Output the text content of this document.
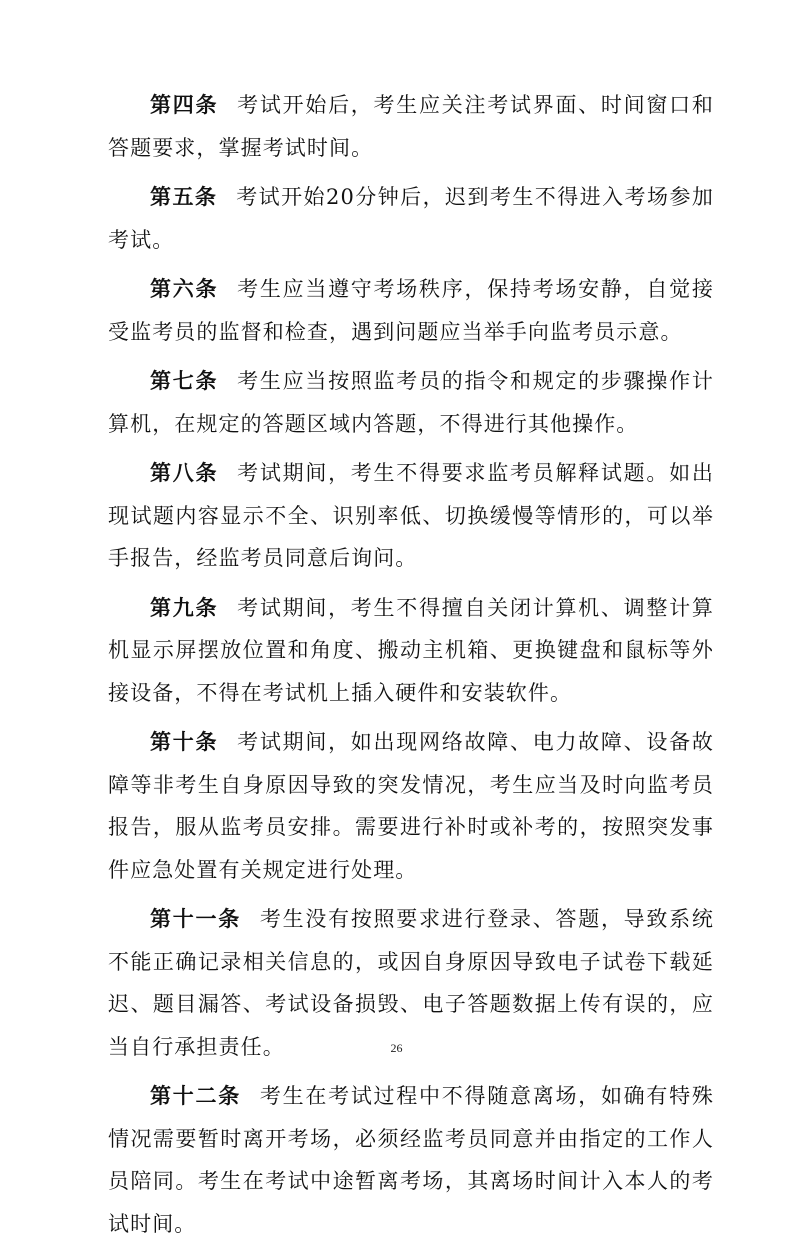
第四条 考试开始后，考生应关注考试界面、时间窗口和答题要求，掌握考试时间。

第五条 考试开始20分钟后，迟到考生不得进入考场参加考试。

第六条 考生应当遵守考场秩序，保持考场安静，自觉接受监考员的监督和检查，遇到问题应当举手向监考员示意。

第七条 考生应当按照监考员的指令和规定的步骤操作计算机，在规定的答题区域内答题，不得进行其他操作。

第八条 考试期间，考生不得要求监考员解释试题。如出现试题内容显示不全、识别率低、切换缓慢等情形的，可以举手报告，经监考员同意后询问。

第九条 考试期间，考生不得擅自关闭计算机、调整计算机显示屏摆放位置和角度、搬动主机箱、更换键盘和鼠标等外接设备，不得在考试机上插入硬件和安装软件。

第十条 考试期间，如出现网络故障、电力故障、设备故障等非考生自身原因导致的突发情况，考生应当及时向监考员报告，服从监考员安排。需要进行补时或补考的，按照突发事件应急处置有关规定进行处理。

第十一条 考生没有按照要求进行登录、答题，导致系统不能正确记录相关信息的，或因自身原因导致电子试卷下载延迟、题目漏答、考试设备损毁、电子答题数据上传有误的，应当自行承担责任。

第十二条 考生在考试过程中不得随意离场，如确有特殊情况需要暂时离开考场，必须经监考员同意并由指定的工作人员陪同。考生在考试中途暂离考场，其离场时间计入本人的考试时间。

26
